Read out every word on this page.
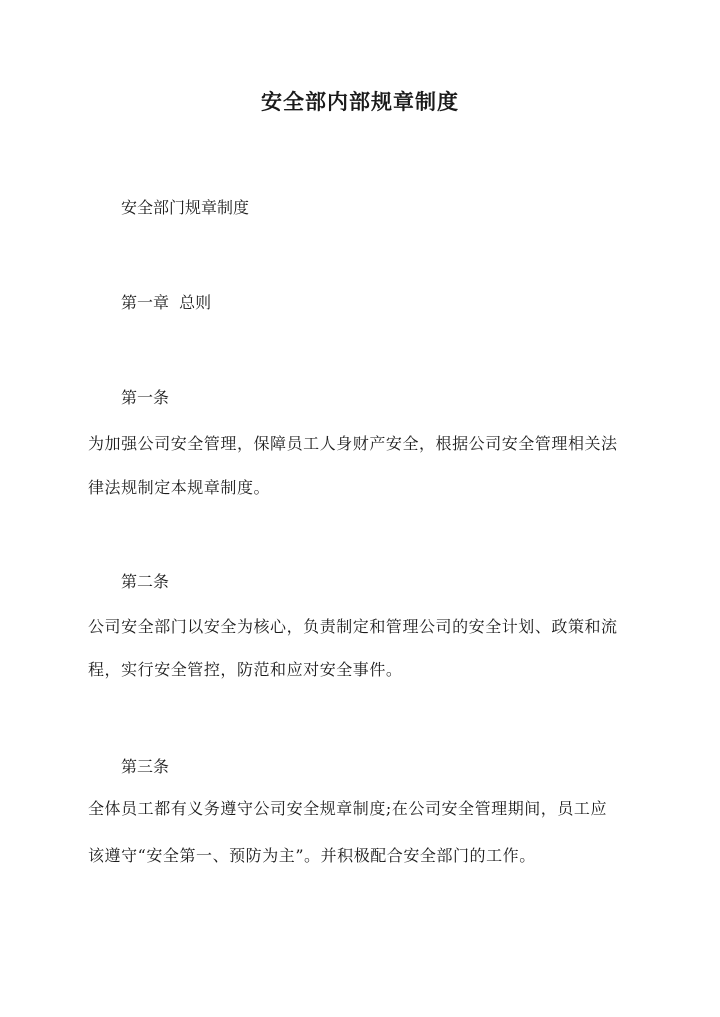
安全部内部规章制度

安全部门规章制度

第一章  总则

第一条

为加强公司安全管理，保障员工人身财产安全，根据公司安全管理相关法

律法规制定本规章制度。

第二条

公司安全部门以安全为核心，负责制定和管理公司的安全计划、政策和流

程，实行安全管控，防范和应对安全事件。

第三条

全体员工都有义务遵守公司安全规章制度;在公司安全管理期间，员工应

该遵守“安全第一、预防为主”。并积极配合安全部门的工作。
